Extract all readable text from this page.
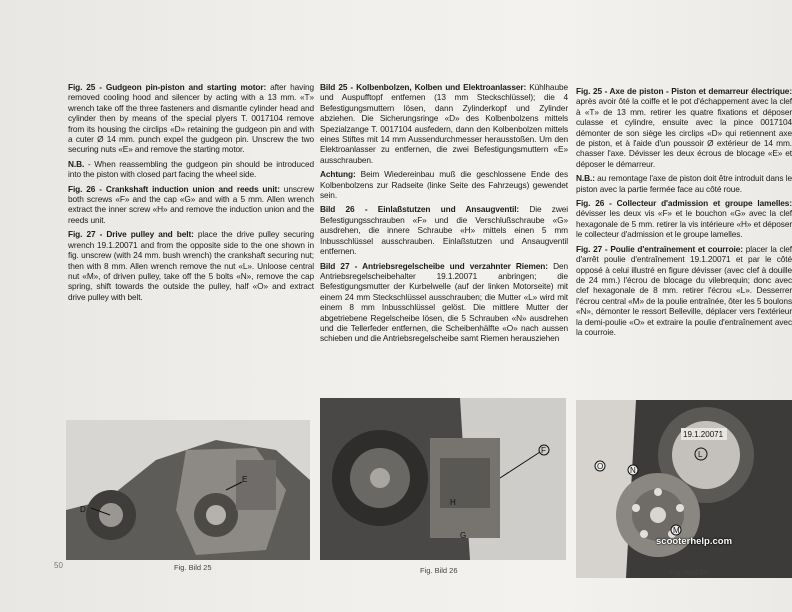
Fig. 25 - Gudgeon pin-piston and starting motor: after having removed cooling hood and silencer by acting with a 13 mm. «T» wrench take off the three fasteners and dismantle cylinder head and cylinder then by means of the special plyers T. 0017104 remove from its housing the circlips «D» retaining the gudgeon pin and with a cuter Ø 14 mm. punch expel the gudgeon pin. Unscrew the two securing nuts «E» and remove the starting motor.

N.B. - When reassembling the gudgeon pin should be introduced into the piston with closed part facing the wheel side.

Fig. 26 - Crankshaft induction union and reeds unit: unscrew both screws «F» and the cap «G» and with a 5 mm. Allen wrench extract the inner screw «H» and remove the induction union and the reeds unit.

Fig. 27 - Drive pulley and belt: place the drive pulley securing wrench 19.1.20071 and from the opposite side to the one shown in fig. unscrew (with 24 mm. bush wrench) the crankshaft securing nut; then with 8 mm. Allen wrench remove the nut «L». Unloose central nut «M», of driven pulley, take off the 5 bolts «N», remove the cap spring, shift towards the outside the pulley, half «O» and extract drive pulley with belt.

Bild 25 - Kolbenbolzen, Kolben und Elektroanlasser: Kühlhaube und Auspufftopf entfernen (13 mm Steckschlüssel); die 4 Befestigungsmuttern lösen, dann Zylinderkopf und Zylinder abziehen. Die Sicherungsringe «D» des Kolbenbolzens mittels Spezialzange T. 0017104 ausfedern, dann den Kolbenbolzen mittels eines Stiftes mit 14 mm Aussendurchmesser herausstoßen. Um den Elektroanlasser zu entfernen, die zwei Befestigungsmuttern «E» ausschrauben.

Achtung: Beim Wiedereinbau muß die geschlossene Ende des Kolbenbolzens zur Radseite (linke Seite des Fahrzeugs) gewendet sein.

Bild 26 - Einlaßstutzen und Ansaugventil: Die zwei Befestigungsschrauben «F» und die Verschlußschraube «G» ausdrehen, die innere Schraube «H» mittels einen 5 mm Inbusschlüssel ausschrauben. Einlaßstutzen und Ansaugventil entfernen.

Bild 27 - Antriebsregelscheibe und verzahnter Riemen: Den Antriebsregelscheibehalter 19.1.20071 anbringen; die Befestigungsmutter der Kurbelwelle (auf der linken Motorseite) mit einem 24 mm Steckschlüssel ausschrauben; die Mutter «L» wird mit einem 8 mm Inbusschlüssel gelöst. Die mittlere Mutter der abgetriebene Regelscheibe lösen, die 5 Schrauben «N» ausdrehen und die Tellerfeder entfernen, die Scheibenhälfte «O» nach aussen schieben und die Antriebsregelscheibe samt Riemen herausziehen

Fig. 25 - Axe de piston - Piston et demarreur électrique: après avoir ôté la coiffe et le pot d'échappement avec la clef à «T» de 13 mm. retirer les quatre fixations et déposer culasse et cylindre, ensuite avec la pince 0017104 démonter de son siège les circlips «D» qui retiennent axe de piston, et à l'aide d'un poussoir Ø extérieur de 14 mm. chasser l'axe. Dévisser les deux écrous de blocage «E» et déposer le démarreur.

N.B.: au remontage l'axe de piston doit être introduit dans le piston avec la partie fermée face au côté roue.

Fig. 26 - Collecteur d'admission et groupe lamelles: dévisser les deux vis «F» et le bouchon «G» avec la clef hexagonale de 5 mm. retirer la vis intérieure «H» et déposer le collecteur d'admission et le groupe lamelles.

Fig. 27 - Poulie d'entraînement et courroie: placer la clef d'arrêt poulie d'entraînement 19.1.20071 et par le côté opposé à celui illustré en figure dévisser (avec clef à douille de 24 mm.) l'écrou de blocage du vilebrequin; donc avec clef hexagonale de 8 mm. retirer l'écrou «L». Desserrer l'écrou central «M» de la poulie entraînée, ôter les 5 boulons «N», démonter le ressort Belleville, déplacer vers l'extérieur la demi-poulie «O» et extraire la poulie d'entraînement avec la courroie.

D
E
Fig. Bild 25
F
H
G
Fig. Bild 26
19.1.20071
L
O	N
M
Fig. Bild 27
50
scooterhelp.com
